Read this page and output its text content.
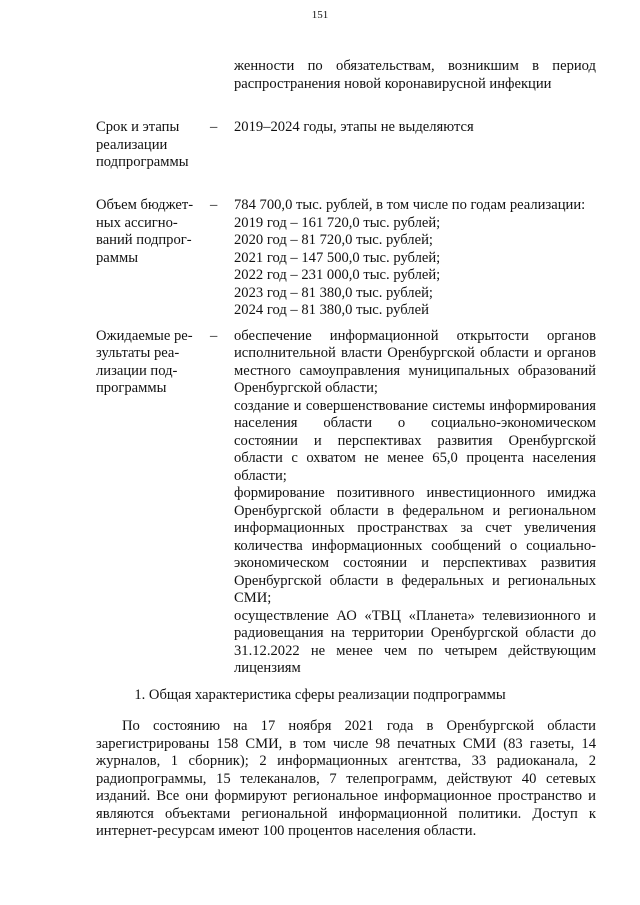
151
женности по обязательствам, возникшим в период распространения новой коронавирусной инфекции
Срок и этапы реализации подпрограммы
– 2019–2024 годы, этапы не выделяются

Объем бюджет-ных ассигно-ваний подпрог-раммы
– 784 700,0 тыс. рублей, в том числе по годам реализации:

2019 год – 161 720,0 тыс. рублей;

2020 год – 81 720,0 тыс. рублей;

2021 год – 147 500,0 тыс. рублей;

2022 год – 231 000,0 тыс. рублей;

2023 год – 81 380,0 тыс. рублей;

2024 год – 81 380,0 тыс. рублей

Ожидаемые ре-зультаты реа-лизации под-программы
– обеспечение информационной открытости органов исполнительной власти Оренбургской области и органов местного самоуправления муниципальных образований Оренбургской области;

создание и совершенствование системы информирования населения области о социально-экономическом состоянии и перспективах развития Оренбургской области с охватом не менее 65,0 процента населения области;

формирование позитивного инвестиционного имиджа Оренбургской области в федеральном и региональном информационных пространствах за счет увеличения количества информационных сообщений о социально-экономическом состоянии и перспективах развития Оренбургской области в федеральных и региональных СМИ;

осуществление АО «ТВЦ «Планета» телевизионного и радиовещания на территории Оренбургской области до 31.12.2022 не менее чем по четырем действующим лицензиям

1. Общая характеристика сферы реализации подпрограммы

По состоянию на 17 ноября 2021 года в Оренбургской области зарегистрированы 158 СМИ, в том числе 98 печатных СМИ (83 газеты, 14 журналов, 1 сборник); 2 информационных агентства, 33 радиоканала, 2 радиопрограммы, 15 телеканалов, 7 телепрограмм, действуют 40 сетевых изданий. Все они формируют региональное информационное пространство и являются объектами региональной информационной политики. Доступ к интернет-ресурсам имеют 100 процентов населения области.
